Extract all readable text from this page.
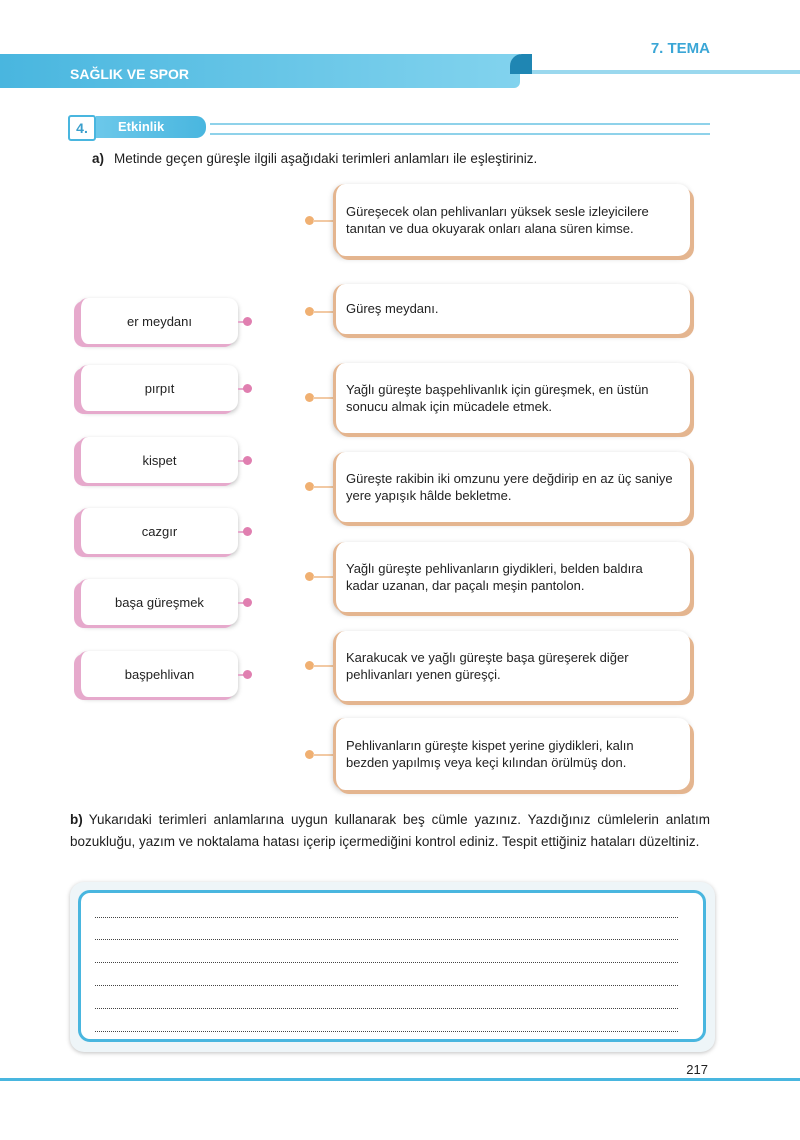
7. TEMA
SAĞLIK VE SPOR
4.	Etkinlik
a) Metinde geçen güreşle ilgili aşağıdaki terimleri anlamları ile eşleştiriniz.
er meydanı
pırpıt
kispet
cazgır
başa güreşmek
başpehlivan
Güreşecek olan pehlivanları yüksek sesle izleyicilere tanıtan ve dua okuyarak onları alana süren kimse.
Güreş meydanı.
Yağlı güreşte başpehlivanlık için güreşmek, en üstün sonucu almak için mücadele etmek.
Güreşte rakibin iki omzunu yere değdirip en az üç saniye yere yapışık hâlde bekletme.
Yağlı güreşte pehlivanların giydikleri, belden baldıra kadar uzanan, dar paçalı meşin pantolon.
Karakucak ve yağlı güreşte başa güreşerek diğer pehlivanları yenen güreşçi.
Pehlivanların güreşte kispet yerine giydikleri, kalın bezden yapılmış veya keçi kılından örülmüş don.
b) Yukarıdaki terimleri anlamlarına uygun kullanarak beş cümle yazınız. Yazdığınız cümlelerin anlatım bozukluğu, yazım ve noktalama hatası içerip içermediğini kontrol ediniz. Tespit ettiğiniz hataları düzeltiniz.
217
